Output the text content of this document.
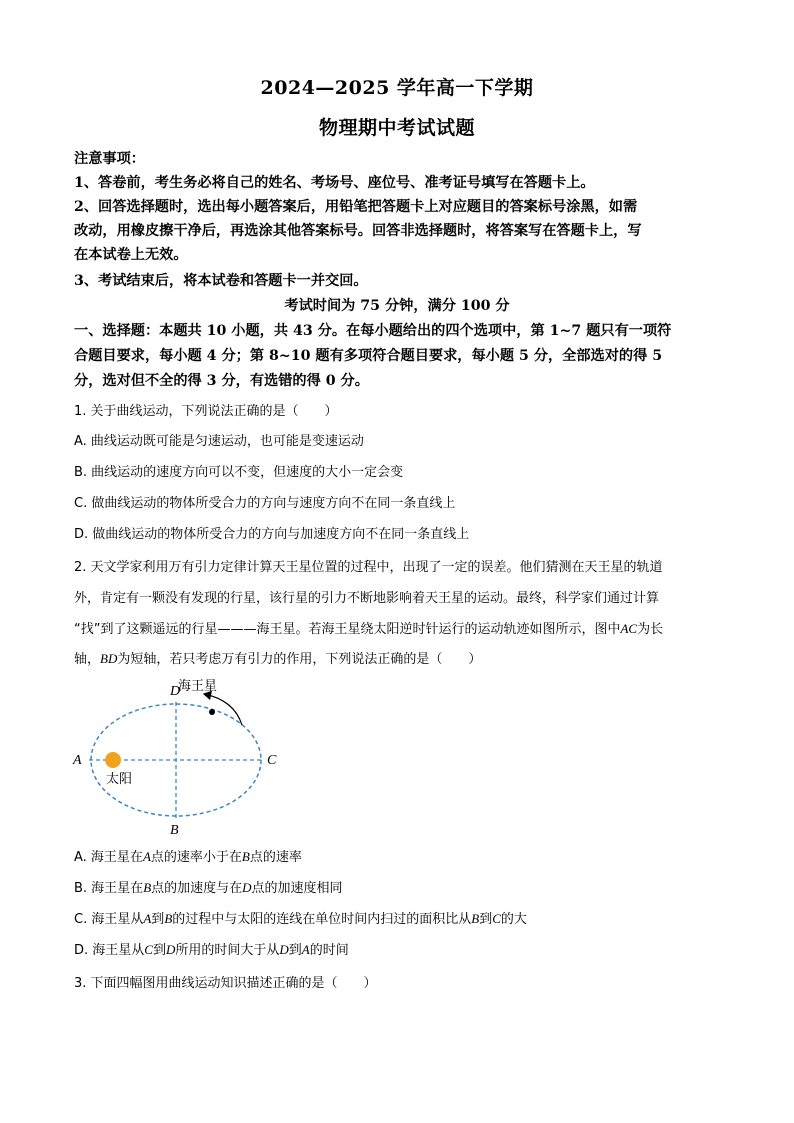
2024—2025 学年高一下学期
物理期中考试试题
注意事项：
1、答卷前，考生务必将自己的姓名、考场号、座位号、准考证号填写在答题卡上。
2、回答选择题时，选出每小题答案后，用铅笔把答题卡上对应题目的答案标号涂黑，如需
改动，用橡皮擦干净后，再选涂其他答案标号。回答非选择题时，将答案写在答题卡上，写
在本试卷上无效。
3、考试结束后，将本试卷和答题卡一并交回。
考试时间为 75 分钟，满分 100 分
一、选择题：本题共 10 小题，共 43 分。在每小题给出的四个选项中，第 1~7 题只有一项符
合题目要求，每小题 4 分；第 8~10 题有多项符合题目要求，每小题 5 分，全部选对的得 5
分，选对但不全的得 3 分，有选错的得 0 分。
1. 关于曲线运动，下列说法正确的是（　　）
A. 曲线运动既可能是匀速运动，也可能是变速运动
B. 曲线运动的速度方向可以不变，但速度的大小一定会变
C. 做曲线运动的物体所受合力的方向与速度方向不在同一条直线上
D. 做曲线运动的物体所受合力的方向与加速度方向不在同一条直线上
2. 天文学家利用万有引力定律计算天王星位置的过程中，出现了一定的误差。他们猜测在天王星的轨道
外，肯定有一颗没有发现的行星，该行星的引力不断地影响着天王星的运动。最终，科学家们通过计算
“找”到了这颗遥远的行星———海王星。若海王星绕太阳逆时针运行的运动轨迹如图所示，图中AC为长
轴，BD为短轴，若只考虑万有引力的作用，下列说法正确的是（　　）
海王星
太阳
A	C
D
B
A. 海王星在A点的速率小于在B点的速率
B. 海王星在B点的加速度与在D点的加速度相同
C. 海王星从A到B的过程中与太阳的连线在单位时间内扫过的面积比从B到C的大
D. 海王星从C到D所用的时间大于从D到A的时间
3. 下面四幅图用曲线运动知识描述正确的是（　　）
